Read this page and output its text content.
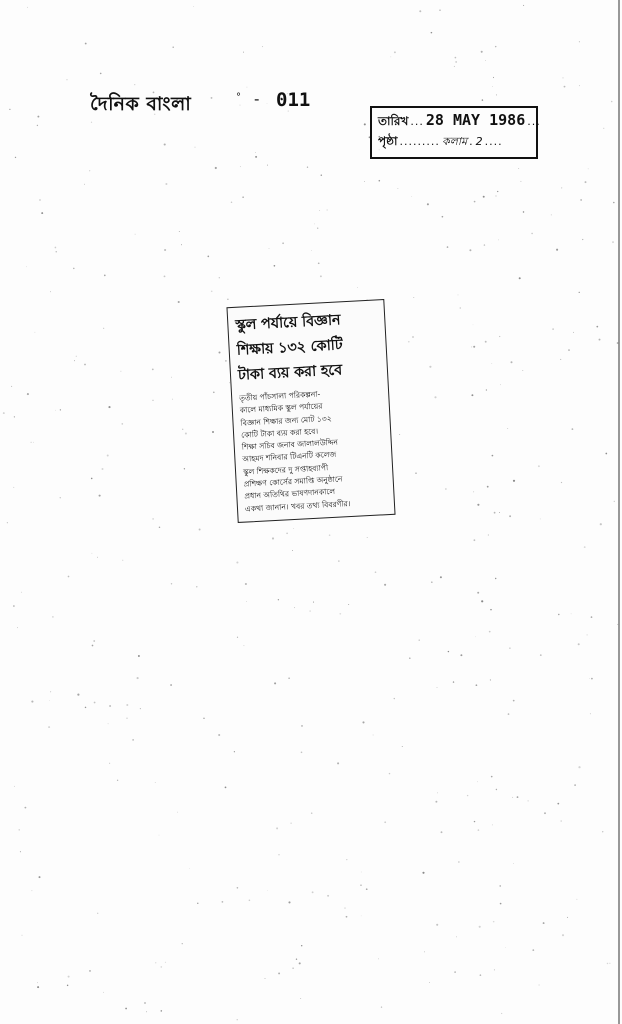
দৈনিক বাংলা	° - 011
তারিখ ... 28 MAY 1986 ...
পৃষ্ঠা ......... কলাম . 2 ....
স্কুল পর্যায়ে বিজ্ঞান
শিক্ষায় ১৩২ কোটি
টাকা ব্যয় করা হবে
তৃতীয় পাঁচসালা পরিকল্পনা-
কালে মাধ্যমিক স্কুল পর্যায়ের
বিজ্ঞান শিক্ষার জন্য মোট ১৩২
কোটি টাকা ব্যয় করা হবে।
শিক্ষা সচিব জনাব জালালউদ্দিন
আহমদ শনিবার টিএনটি কলেজ
স্কুল শিক্ষকদের দু সপ্তাহব্যাপী
প্রশিক্ষণ কোর্সের সমাপ্তি অনুষ্ঠানে
প্রধান অতিথির ভাষণদানকালে
একথা জানান। খবর তথ্য বিবরণীর।
